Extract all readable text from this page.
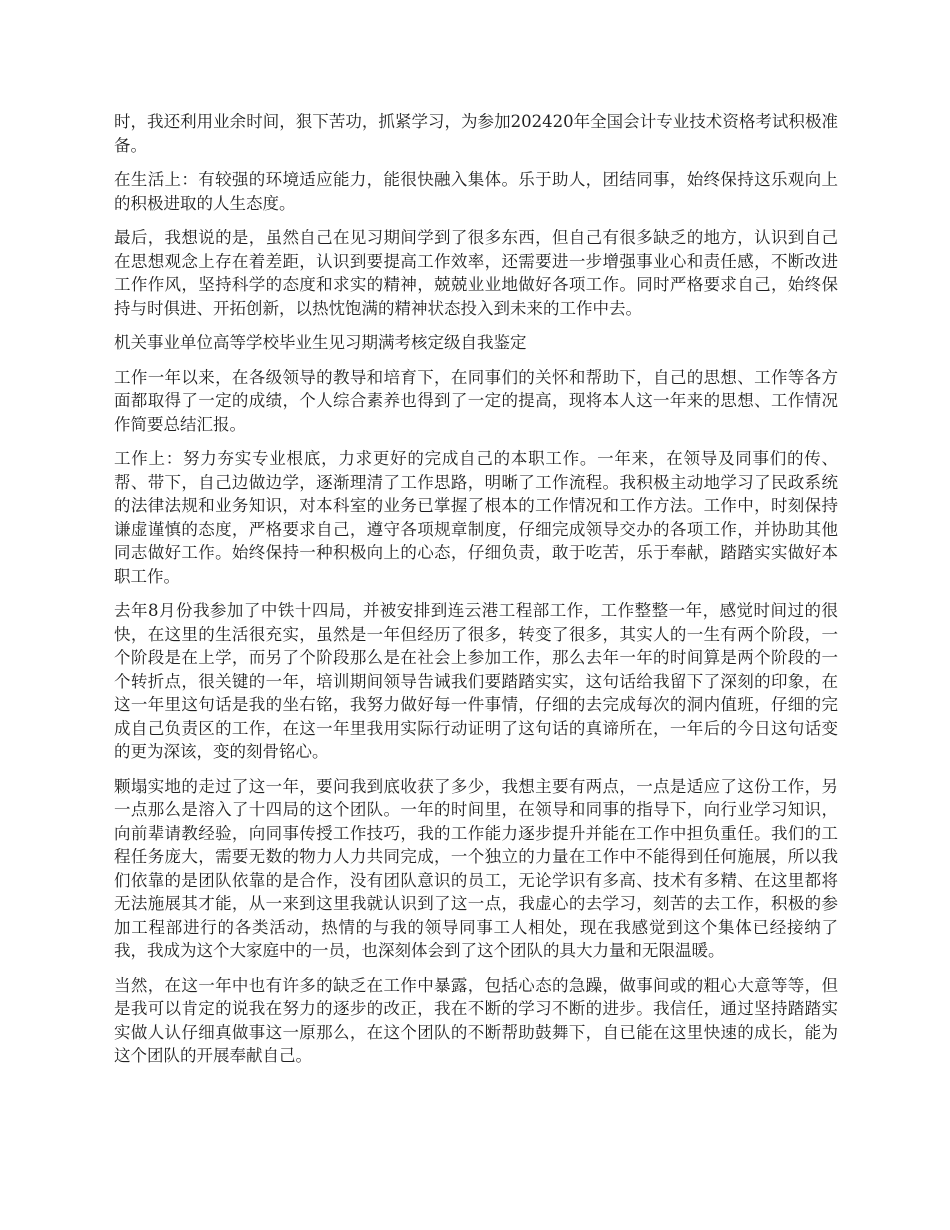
时，我还利用业余时间，狠下苦功，抓紧学习，为参加202420年全国会计专业技术资格考试积极准备。

在生活上：有较强的环境适应能力，能很快融入集体。乐于助人，团结同事，始终保持这乐观向上的积极进取的人生态度。

最后，我想说的是，虽然自己在见习期间学到了很多东西，但自己有很多缺乏的地方，认识到自己在思想观念上存在着差距，认识到要提高工作效率，还需要进一步增强事业心和责任感，不断改进工作作风，坚持科学的态度和求实的精神，兢兢业业地做好各项工作。同时严格要求自己，始终保持与时俱进、开拓创新，以热忱饱满的精神状态投入到未来的工作中去。

机关事业单位高等学校毕业生见习期满考核定级自我鉴定

工作一年以来，在各级领导的教导和培育下，在同事们的关怀和帮助下，自己的思想、工作等各方面都取得了一定的成绩，个人综合素养也得到了一定的提高，现将本人这一年来的思想、工作情况作简要总结汇报。

工作上：努力夯实专业根底，力求更好的完成自己的本职工作。一年来，在领导及同事们的传、帮、带下，自己边做边学，逐渐理清了工作思路，明晰了工作流程。我积极主动地学习了民政系统的法律法规和业务知识，对本科室的业务已掌握了根本的工作情况和工作方法。工作中，时刻保持谦虚谨慎的态度，严格要求自己，遵守各项规章制度，仔细完成领导交办的各项工作，并协助其他同志做好工作。始终保持一种积极向上的心态，仔细负责，敢于吃苦，乐于奉献，踏踏实实做好本职工作。

去年8月份我参加了中铁十四局，并被安排到连云港工程部工作，工作整整一年，感觉时间过的很快，在这里的生活很充实，虽然是一年但经历了很多，转变了很多，其实人的一生有两个阶段，一个阶段是在上学，而另了个阶段那么是在社会上参加工作，那么去年一年的时间算是两个阶段的一个转折点，很关键的一年，培训期间领导告诫我们要踏踏实实，这句话给我留下了深刻的印象，在这一年里这句话是我的坐右铭，我努力做好每一件事情，仔细的去完成每次的洞内值班，仔细的完成自己负责区的工作，在这一年里我用实际行动证明了这句话的真谛所在，一年后的今日这句话变的更为深该，变的刻骨铭心。

颗塌实地的走过了这一年，要问我到底收获了多少，我想主要有两点，一点是适应了这份工作，另一点那么是溶入了十四局的这个团队。一年的时间里，在领导和同事的指导下，向行业学习知识，向前辈请教经验，向同事传授工作技巧，我的工作能力逐步提升并能在工作中担负重任。我们的工程任务庞大，需要无数的物力人力共同完成，一个独立的力量在工作中不能得到任何施展，所以我们依靠的是团队依靠的是合作，没有团队意识的员工，无论学识有多高、技术有多精、在这里都将无法施展其才能，从一来到这里我就认识到了这一点，我虚心的去学习，刻苦的去工作，积极的参加工程部进行的各类活动，热情的与我的领导同事工人相处，现在我感觉到这个集体已经接纳了我，我成为这个大家庭中的一员，也深刻体会到了这个团队的具大力量和无限温暖。

当然，在这一年中也有许多的缺乏在工作中暴露，包括心态的急躁，做事间或的粗心大意等等，但是我可以肯定的说我在努力的逐步的改正，我在不断的学习不断的进步。我信任，通过坚持踏踏实实做人认仔细真做事这一原那么，在这个团队的不断帮助鼓舞下，自已能在这里快速的成长，能为这个团队的开展奉献自己。
